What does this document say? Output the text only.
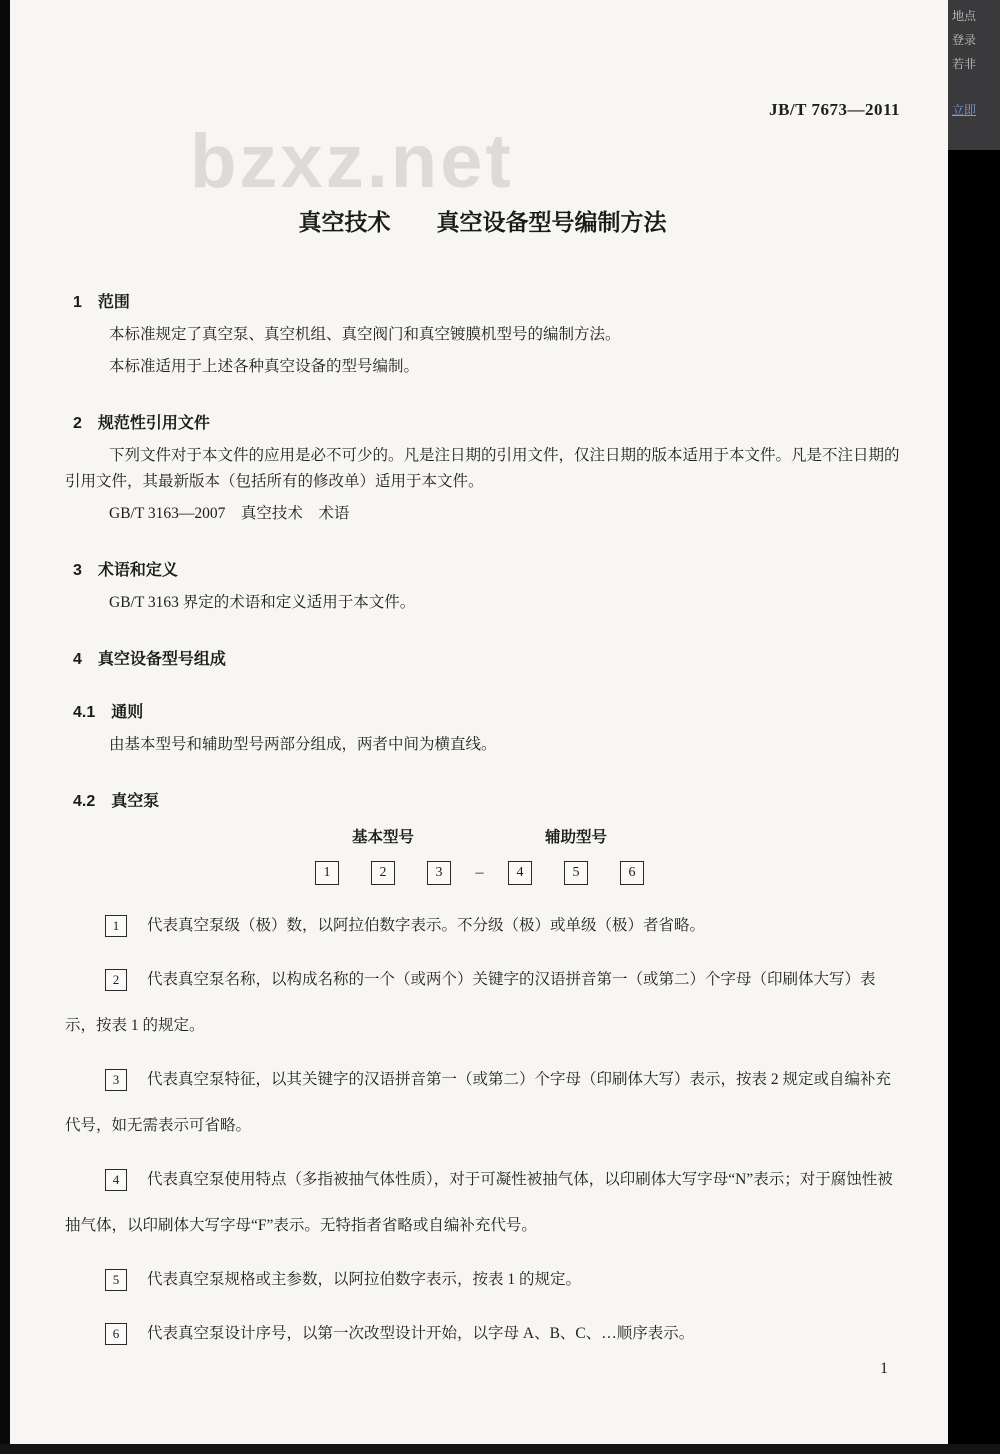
bzxz.net
JB/T 7673—2011
真空技术　　真空设备型号编制方法
1　范围

本标准规定了真空泵、真空机组、真空阀门和真空镀膜机型号的编制方法。

本标准适用于上述各种真空设备的型号编制。

2　规范性引用文件

下列文件对于本文件的应用是必不可少的。凡是注日期的引用文件，仅注日期的版本适用于本文件。凡是不注日期的引用文件，其最新版本（包括所有的修改单）适用于本文件。

GB/T 3163—2007　真空技术　术语

3　术语和定义

GB/T 3163 界定的术语和定义适用于本文件。

4　真空设备型号组成
4.1　通则

由基本型号和辅助型号两部分组成，两者中间为横直线。

4.2　真空泵
基本型号	辅助型号
1	2	3	–	4	5	6

1 代表真空泵级（极）数，以阿拉伯数字表示。不分级（极）或单级（极）者省略。

2 代表真空泵名称，以构成名称的一个（或两个）关键字的汉语拼音第一（或第二）个字母（印刷体大写）表示，按表 1 的规定。

3 代表真空泵特征，以其关键字的汉语拼音第一（或第二）个字母（印刷体大写）表示，按表 2 规定或自编补充代号，如无需表示可省略。

4 代表真空泵使用特点（多指被抽气体性质），对于可凝性被抽气体，以印刷体大写字母“N”表示；对于腐蚀性被抽气体，以印刷体大写字母“F”表示。无特指者省略或自编补充代号。

5 代表真空泵规格或主参数，以阿拉伯数字表示，按表 1 的规定。

6 代表真空泵设计序号，以第一次改型设计开始，以字母 A、B、C、…顺序表示。

1
地点
登录
若非
立即
